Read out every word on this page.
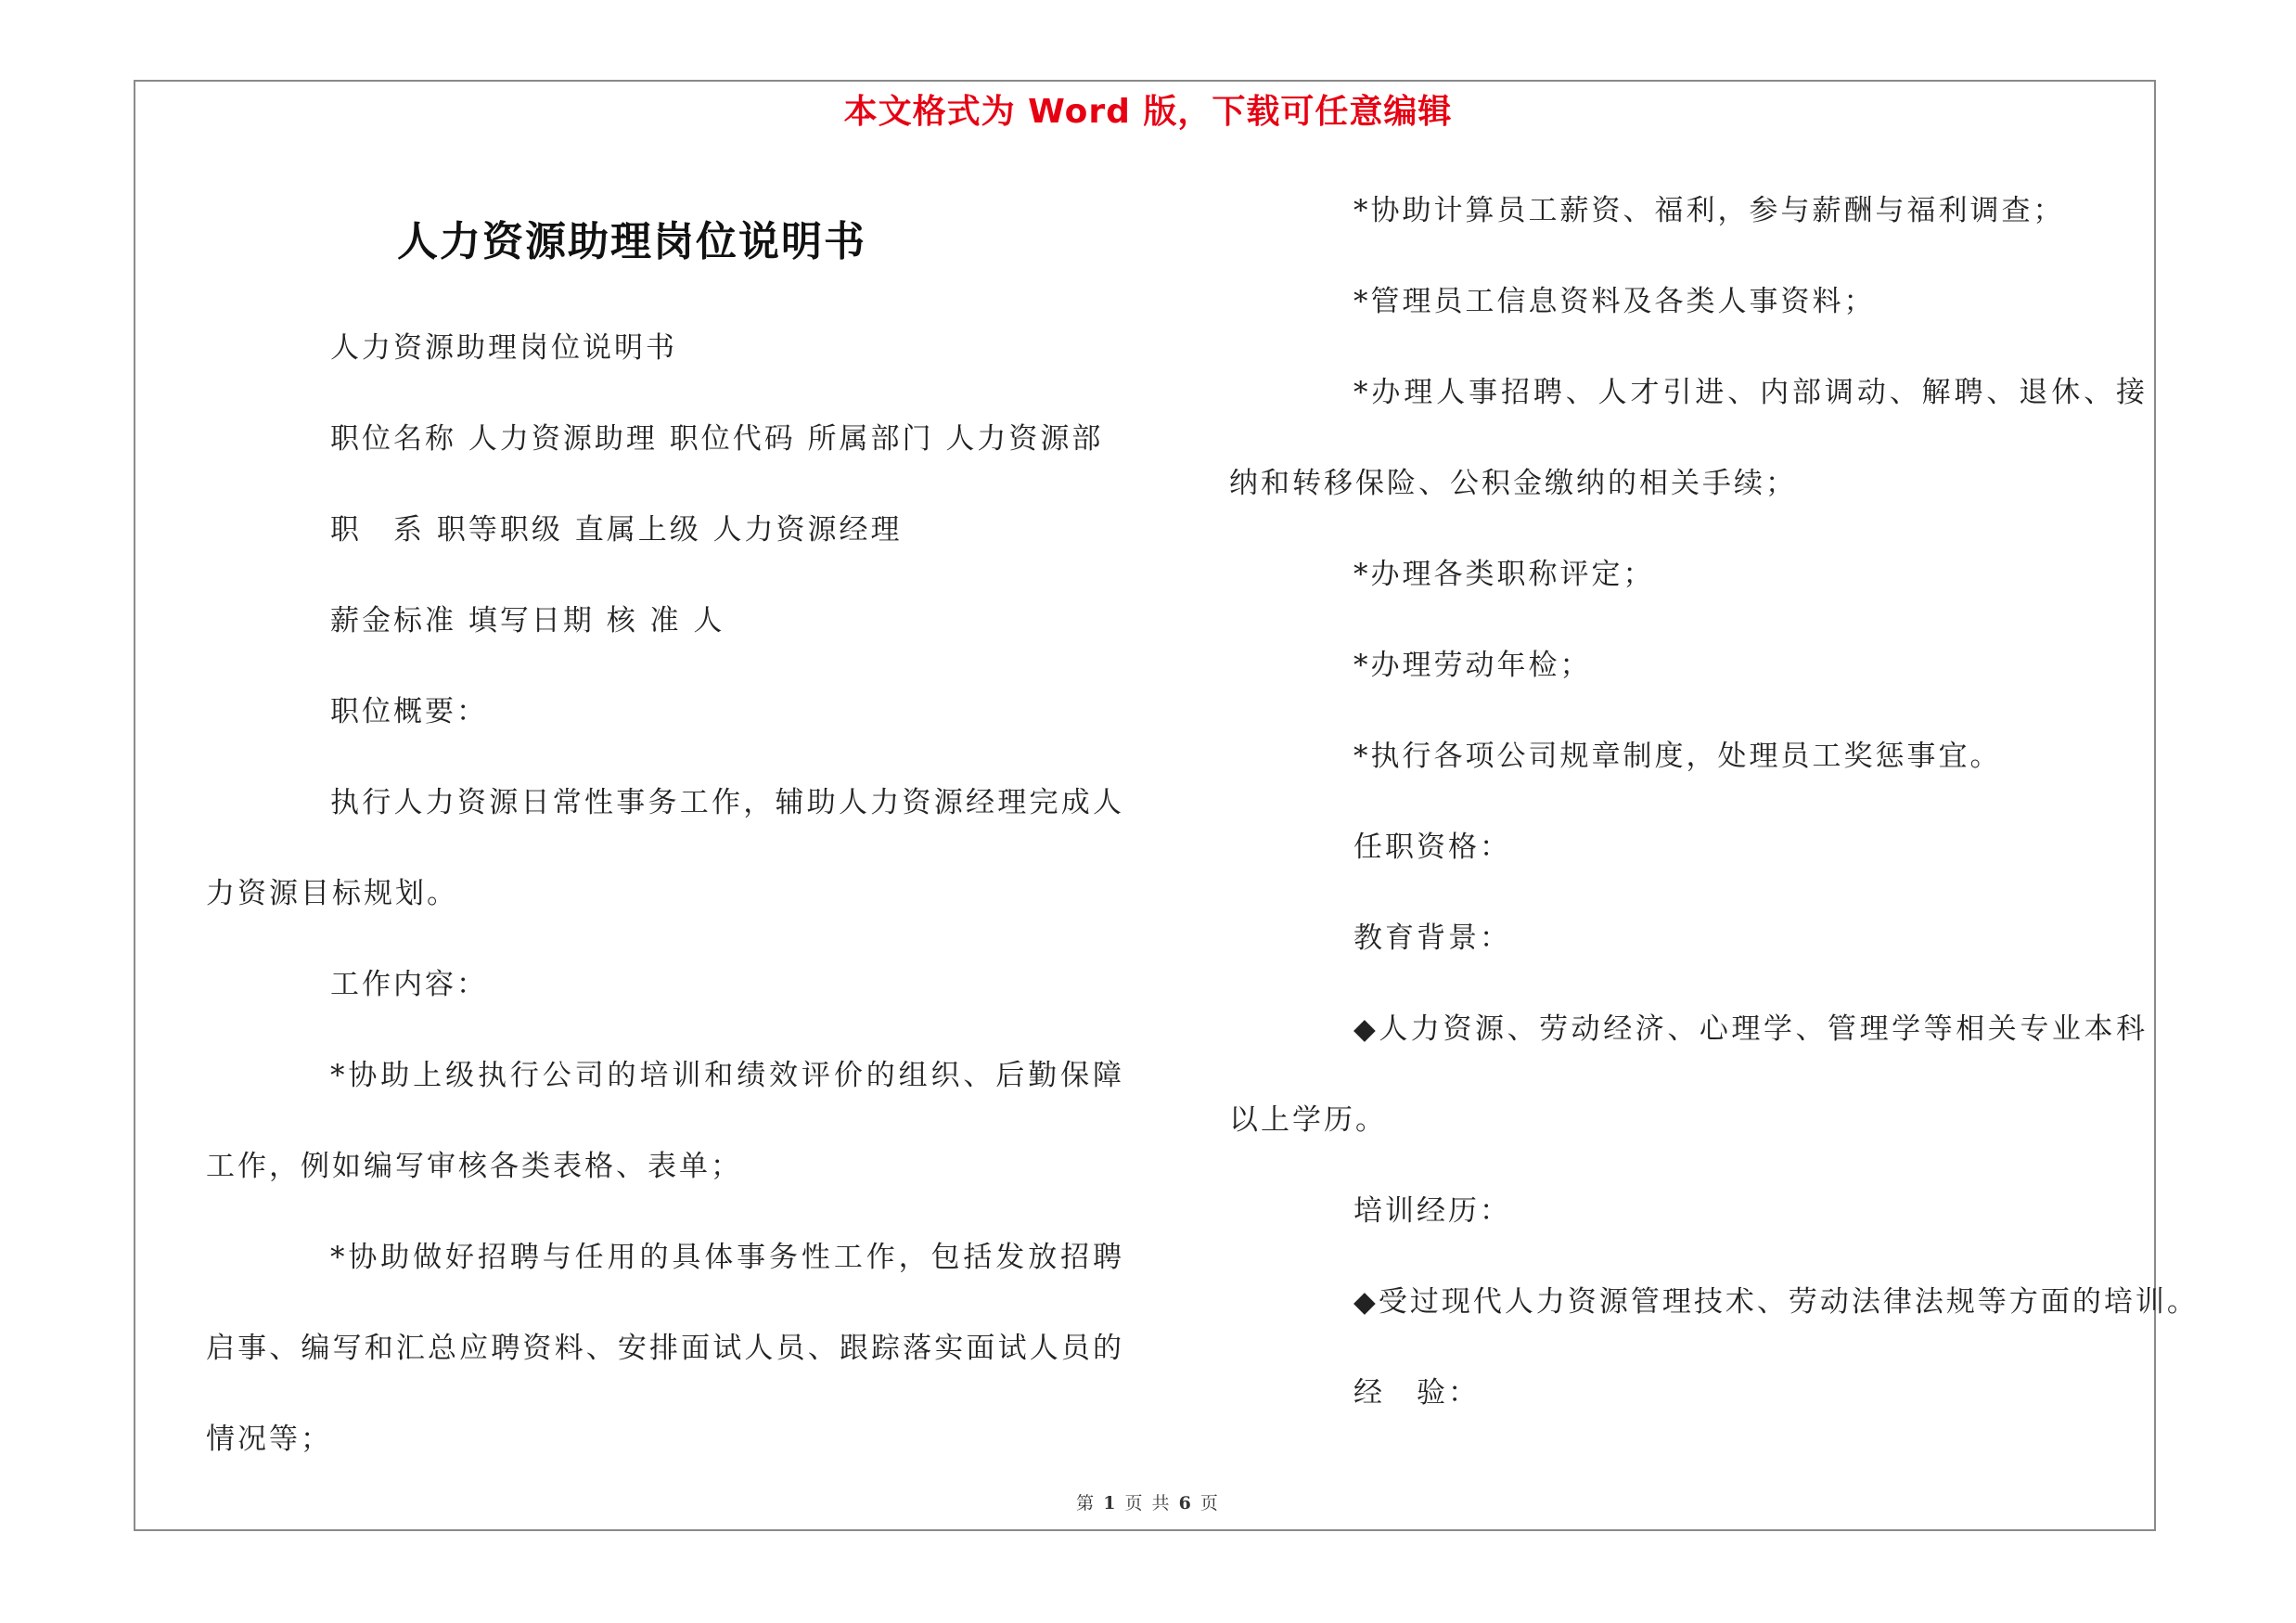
本文格式为 Word 版，下载可任意编辑
人力资源助理岗位说明书

人力资源助理岗位说明书

职位名称 人力资源助理 职位代码 所属部门 人力资源部

职　系 职等职级 直属上级 人力资源经理

薪金标准 填写日期 核 准 人

职位概要：

执行人力资源日常性事务工作，辅助人力资源经理完成人力资源目标规划。

工作内容：

*协助上级执行公司的培训和绩效评价的组织、后勤保障工作，例如编写审核各类表格、表单；

*协助做好招聘与任用的具体事务性工作，包括发放招聘启事、编写和汇总应聘资料、安排面试人员、跟踪落实面试人员的情况等；

*协助计算员工薪资、福利，参与薪酬与福利调查；

*管理员工信息资料及各类人事资料；

*办理人事招聘、人才引进、内部调动、解聘、退休、接纳和转移保险、公积金缴纳的相关手续；

*办理各类职称评定；

*办理劳动年检；

*执行各项公司规章制度，处理员工奖惩事宜。

任职资格：

教育背景：

◆人力资源、劳动经济、心理学、管理学等相关专业本科以上学历。

培训经历：

◆受过现代人力资源管理技术、劳动法律法规等方面的培训。

经　验：

第 1 页 共 6 页
